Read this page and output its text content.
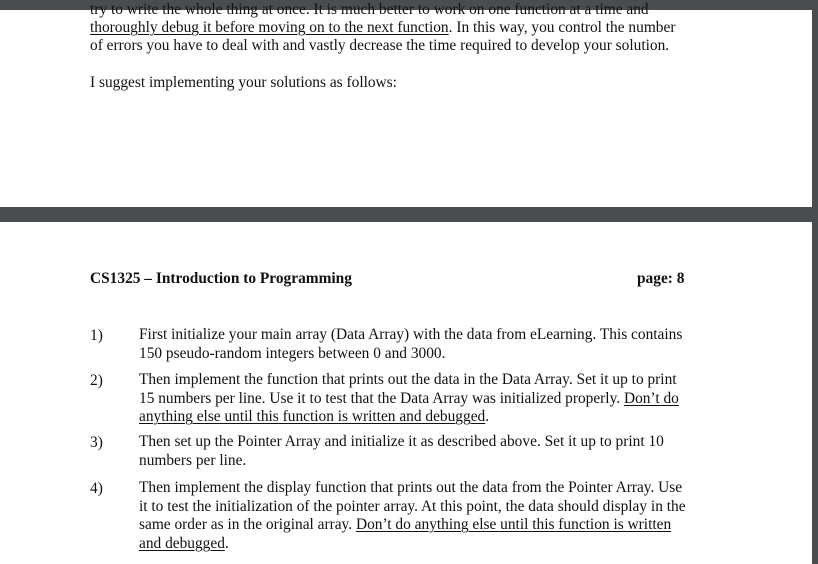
try to write the whole thing at once. It is much better to work on one function at a time and
thoroughly debug it before moving on to the next function. In this way, you control the number
of errors you have to deal with and vastly decrease the time required to develop your solution.
I suggest implementing your solutions as follows:
CS1325 – Introduction to Programming	page: 8
1) First initialize your main array (Data Array) with the data from eLearning. This contains

150 pseudo-random integers between 0 and 3000.

2) Then implement the function that prints out the data in the Data Array. Set it up to print

15 numbers per line. Use it to test that the Data Array was initialized properly. Don’t do

anything else until this function is written and debugged.

3) Then set up the Pointer Array and initialize it as described above. Set it up to print 10

numbers per line.

4) Then implement the display function that prints out the data from the Pointer Array. Use

it to test the initialization of the pointer array. At this point, the data should display in the

same order as in the original array. Don’t do anything else until this function is written

and debugged.
